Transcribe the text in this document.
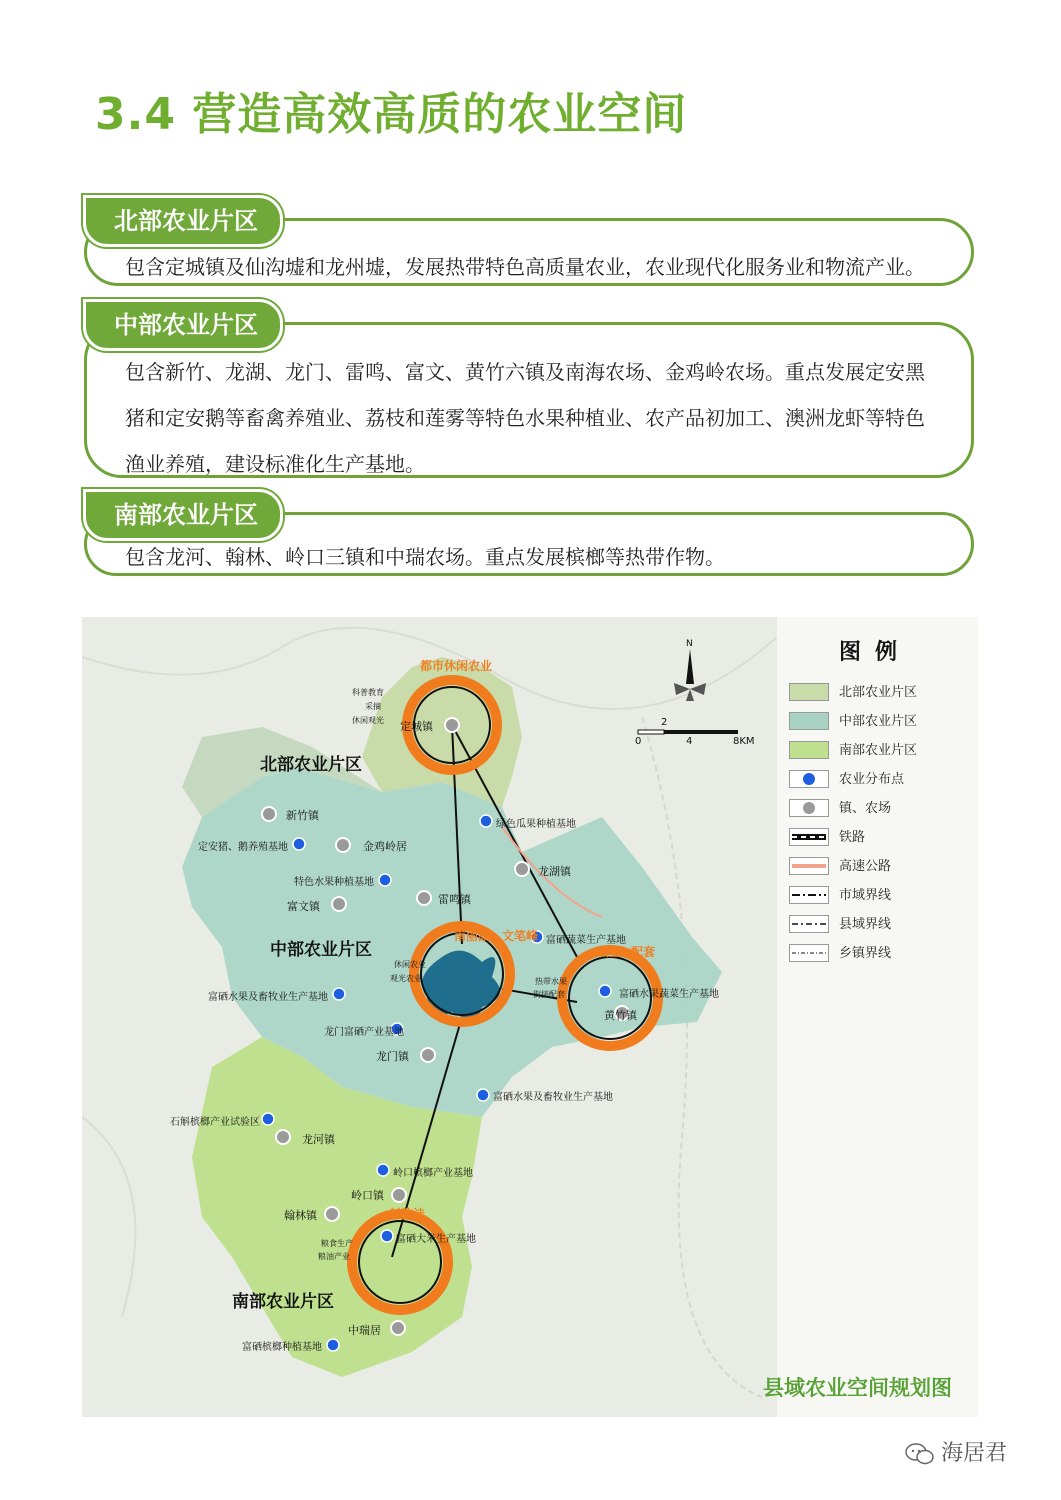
3.4 营造高效高质的农业空间
北部农业片区

包含定城镇及仙沟墟和龙州墟，发展热带特色高质量农业，农业现代化服务业和物流产业。

中部农业片区

包含新竹、龙湖、龙门、雷鸣、富文、黄竹六镇及南海农场、金鸡岭农场。重点发展定安黑

猪和定安鹅等畜禽养殖业、荔枝和莲雾等特色水果种植业、农产品初加工、澳洲龙虾等特色

渔业养殖，建设标准化生产基地。

南部农业片区

包含龙河、翰林、岭口三镇和中瑞农场。重点发展槟榔等热带作物。

北部农业片区
中部农业片区
南部农业片区
都市休闲农业
南丽湖、文笔峰
农业+配套
封浩洼
定城镇
新竹镇
金鸡岭居
富文镇
雷鸣镇
龙湖镇
黄竹镇
龙门镇
龙河镇
岭口镇
翰林镇
中瑞居
绿色瓜果种植基地
定安猪、鹅养殖基地
特色水果种植基地
富硒蔬菜生产基地
富硒水果及畜牧业生产基地	富硒水果蔬菜生产基地
龙门富硒产业基地
富硒水果及畜牧业生产基地
石斛槟榔产业试验区
岭口槟榔产业基地
富硒大米生产基地
富硒槟榔种植基地
科普教育
采摘
休闲观光
休闲农业
观光农业	热带水果
街接配套
粮食生产
粮油产业
N
0
2
4	8KM
图例
北部农业片区
中部农业片区
南部农业片区
农业分布点
镇、农场
铁路
高速公路
市域界线
县域界线
乡镇界线
县域农业空间规划图
海居君
